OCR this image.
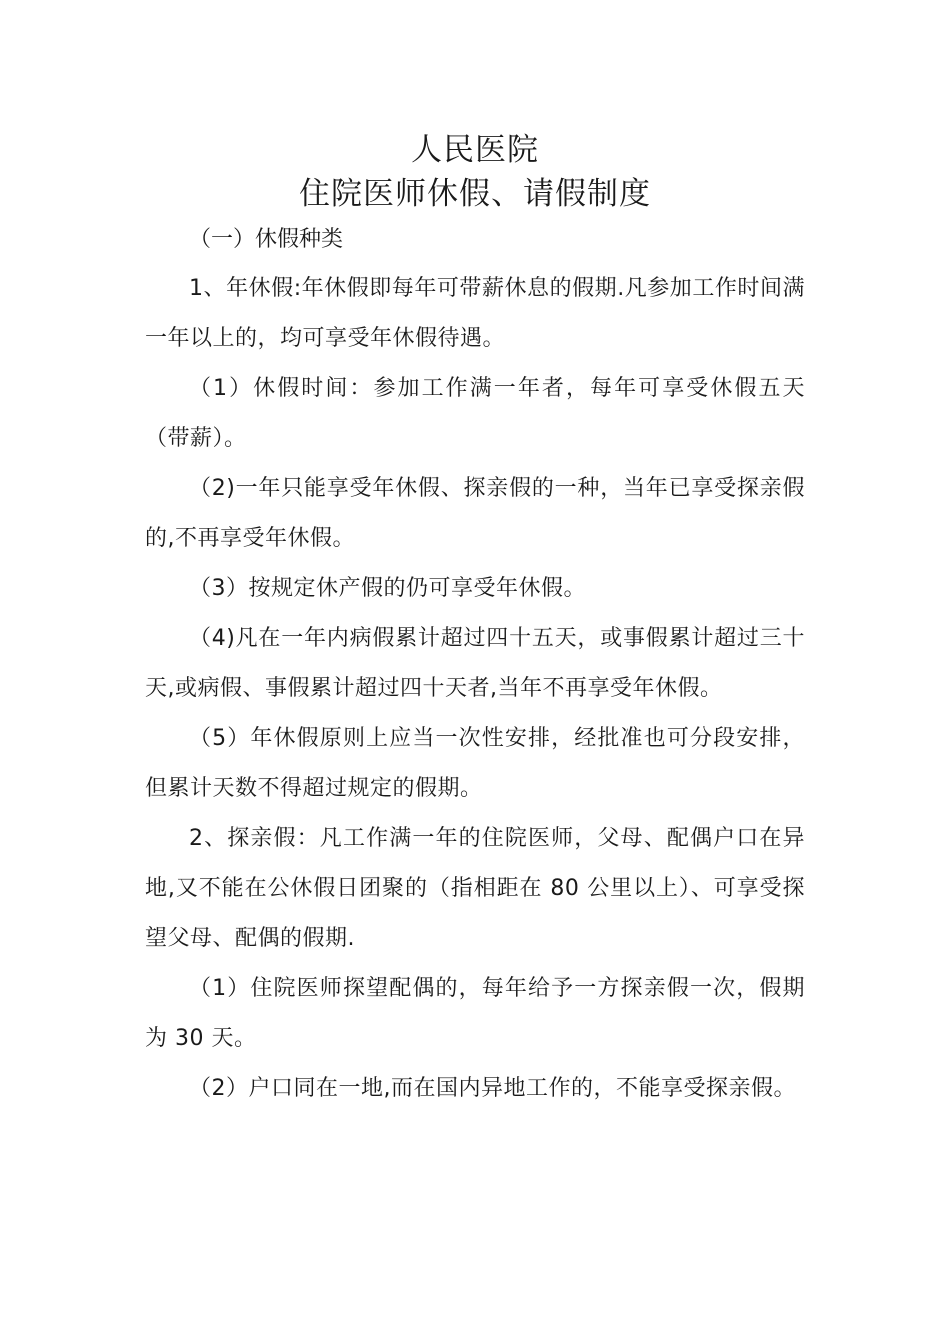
人民医院
住院医师休假、请假制度

（一）休假种类

1、年休假:年休假即每年可带薪休息的假期.凡参加工作时间满一年以上的，均可享受年休假待遇。

（1）休假时间：参加工作满一年者，每年可享受休假五天（带薪）。

（2)一年只能享受年休假、探亲假的一种，当年已享受探亲假的,不再享受年休假。

（3）按规定休产假的仍可享受年休假。

（4)凡在一年内病假累计超过四十五天，或事假累计超过三十天,或病假、事假累计超过四十天者,当年不再享受年休假。

（5）年休假原则上应当一次性安排，经批准也可分段安排，但累计天数不得超过规定的假期。

2、探亲假：凡工作满一年的住院医师，父母、配偶户口在异地,又不能在公休假日团聚的（指相距在 80 公里以上）、可享受探望父母、配偶的假期.

（1）住院医师探望配偶的，每年给予一方探亲假一次，假期为 30 天。

（2）户口同在一地,而在国内异地工作的，不能享受探亲假。
